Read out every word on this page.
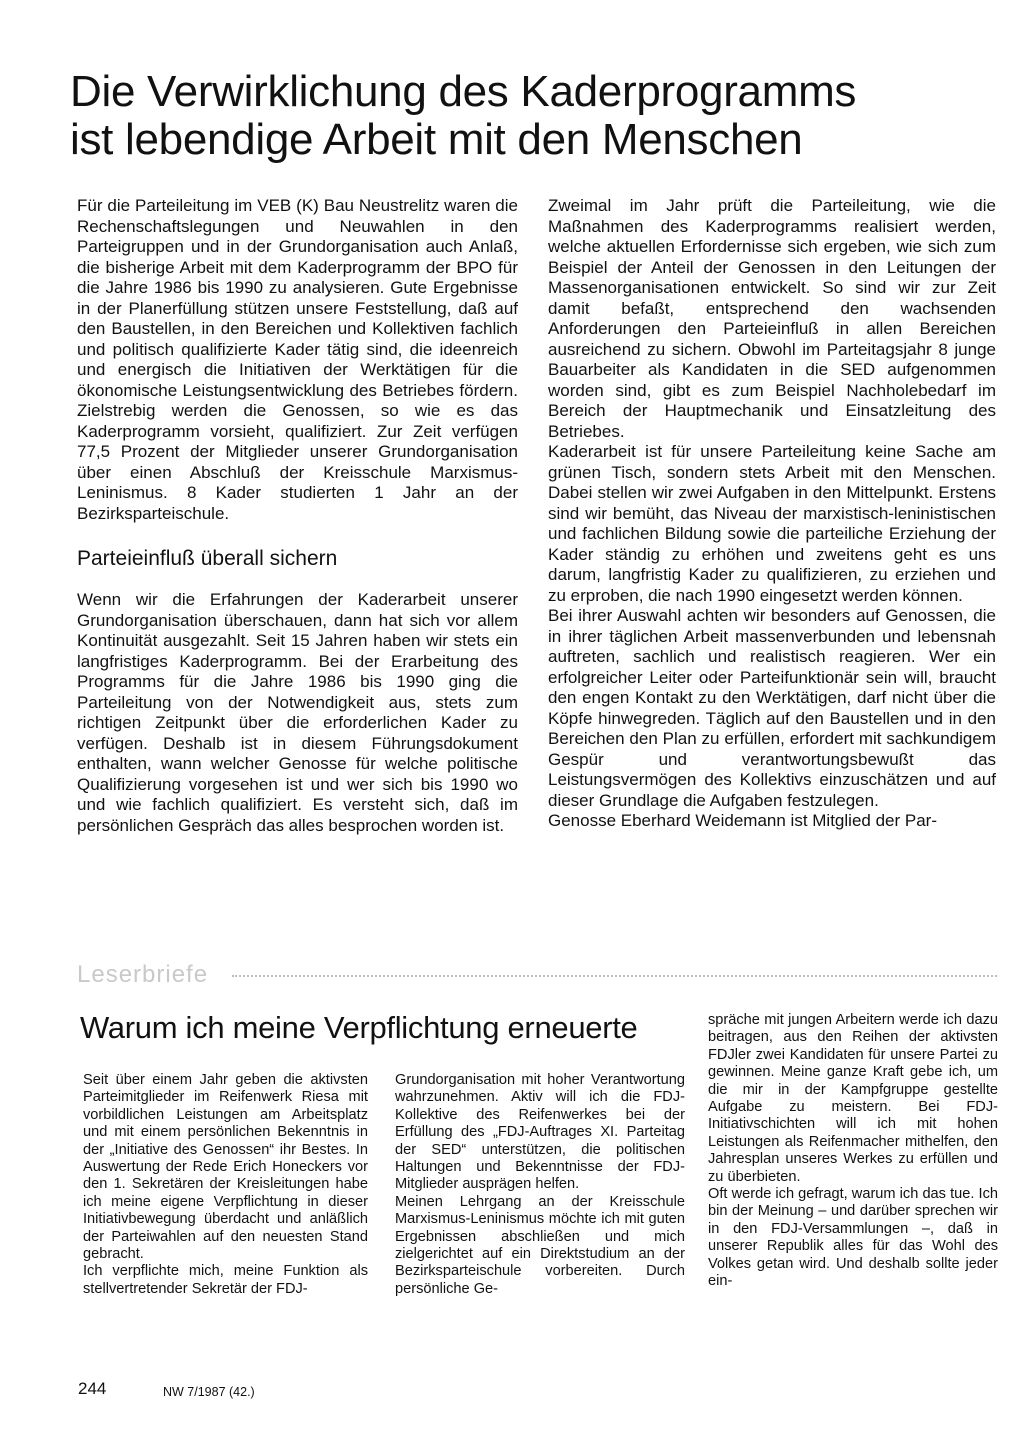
Die Verwirklichung des Kaderprogramms
ist lebendige Arbeit mit den Menschen

Für die Parteileitung im VEB (K) Bau Neustrelitz waren die Rechenschaftslegungen und Neuwahlen in den Parteigruppen und in der Grundorganisation auch Anlaß, die bisherige Arbeit mit dem Kaderprogramm der BPO für die Jahre 1986 bis 1990 zu analysieren. Gute Ergebnisse in der Planerfüllung stützen unsere Feststellung, daß auf den Baustellen, in den Bereichen und Kollektiven fachlich und politisch qualifizierte Kader tätig sind, die ideenreich und energisch die Initiativen der Werktätigen für die ökonomische Leistungsentwicklung des Betriebes fördern. Zielstrebig werden die Genossen, so wie es das Kaderprogramm vorsieht, qualifiziert. Zur Zeit verfügen 77,5 Prozent der Mitglieder unserer Grundorganisation über einen Abschluß der Kreisschule Marxismus-Leninismus. 8 Kader studierten 1 Jahr an der Bezirksparteischule.

Parteieinfluß überall sichern

Wenn wir die Erfahrungen der Kaderarbeit unserer Grundorganisation überschauen, dann hat sich vor allem Kontinuität ausgezahlt. Seit 15 Jahren haben wir stets ein langfristiges Kaderprogramm. Bei der Erarbeitung des Programms für die Jahre 1986 bis 1990 ging die Parteileitung von der Notwendigkeit aus, stets zum richtigen Zeitpunkt über die erforderlichen Kader zu verfügen. Deshalb ist in diesem Führungsdokument enthalten, wann welcher Genosse für welche politische Qualifizierung vorgesehen ist und wer sich bis 1990 wo und wie fachlich qualifiziert. Es versteht sich, daß im persönlichen Gespräch das alles besprochen worden ist.

Zweimal im Jahr prüft die Parteileitung, wie die Maßnahmen des Kaderprogramms realisiert werden, welche aktuellen Erfordernisse sich ergeben, wie sich zum Beispiel der Anteil der Genossen in den Leitungen der Massenorganisationen entwickelt. So sind wir zur Zeit damit befaßt, entsprechend den wachsenden Anforderungen den Parteieinfluß in allen Bereichen ausreichend zu sichern. Obwohl im Parteitagsjahr 8 junge Bauarbeiter als Kandidaten in die SED aufgenommen worden sind, gibt es zum Beispiel Nachholebedarf im Bereich der Hauptmechanik und Einsatzleitung des Betriebes.

Kaderarbeit ist für unsere Parteileitung keine Sache am grünen Tisch, sondern stets Arbeit mit den Menschen. Dabei stellen wir zwei Aufgaben in den Mittelpunkt. Erstens sind wir bemüht, das Niveau der marxistisch-leninistischen und fachlichen Bildung sowie die parteiliche Erziehung der Kader ständig zu erhöhen und zweitens geht es uns darum, langfristig Kader zu qualifizieren, zu erziehen und zu erproben, die nach 1990 eingesetzt werden können.

Bei ihrer Auswahl achten wir besonders auf Genossen, die in ihrer täglichen Arbeit massenverbunden und lebensnah auftreten, sachlich und realistisch reagieren. Wer ein erfolgreicher Leiter oder Parteifunktionär sein will, braucht den engen Kontakt zu den Werktätigen, darf nicht über die Köpfe hinwegreden. Täglich auf den Baustellen und in den Bereichen den Plan zu erfüllen, erfordert mit sachkundigem Gespür und verantwortungsbewußt das Leistungsvermögen des Kollektivs einzuschätzen und auf dieser Grundlage die Aufgaben festzulegen.

Genosse Eberhard Weidemann ist Mitglied der Par-

Leserbriefe
Warum ich meine Verpflichtung erneuerte

Seit über einem Jahr geben die aktivsten Parteimitglieder im Reifenwerk Riesa mit vorbildlichen Leistungen am Arbeitsplatz und mit einem persönlichen Bekenntnis in der „Initiative des Genossen“ ihr Bestes. In Auswertung der Rede Erich Honeckers vor den 1. Sekretären der Kreisleitungen habe ich meine eigene Verpflichtung in dieser Initiativbewegung überdacht und anläßlich der Parteiwahlen auf den neuesten Stand gebracht.

Ich verpflichte mich, meine Funktion als stellvertretender Sekretär der FDJ-

Grundorganisation mit hoher Verantwortung wahrzunehmen. Aktiv will ich die FDJ-Kollektive des Reifenwerkes bei der Erfüllung des „FDJ-Auftrages XI. Parteitag der SED“ unterstützen, die politischen Haltungen und Bekenntnisse der FDJ-Mitglieder ausprägen helfen.

Meinen Lehrgang an der Kreisschule Marxismus-Leninismus möchte ich mit guten Ergebnissen abschließen und mich zielgerichtet auf ein Direktstudium an der Bezirksparteischule vorbereiten. Durch persönliche Ge-

spräche mit jungen Arbeitern werde ich dazu beitragen, aus den Reihen der aktivsten FDJler zwei Kandidaten für unsere Partei zu gewinnen. Meine ganze Kraft gebe ich, um die mir in der Kampfgruppe gestellte Aufgabe zu meistern. Bei FDJ-Initiativschichten will ich mit hohen Leistungen als Reifenmacher mithelfen, den Jahresplan unseres Werkes zu erfüllen und zu überbieten.

Oft werde ich gefragt, warum ich das tue. Ich bin der Meinung – und darüber sprechen wir in den FDJ-Versammlungen –, daß in unserer Republik alles für das Wohl des Volkes getan wird. Und deshalb sollte jeder ein-

244	NW 7/1987 (42.)
